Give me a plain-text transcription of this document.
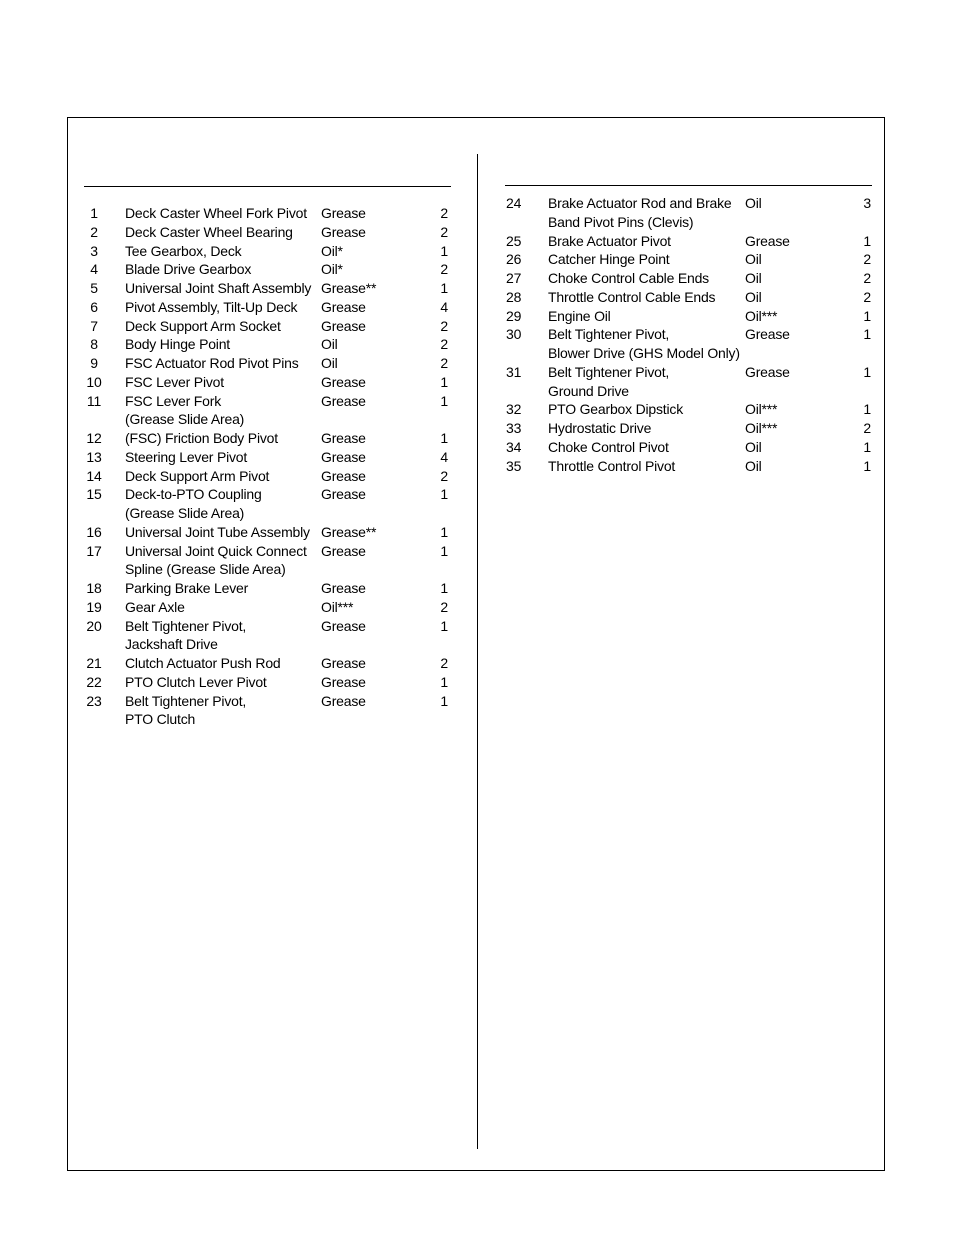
1	Deck Caster Wheel Fork Pivot	Grease	2
2	Deck Caster Wheel Bearing	Grease	2
3	Tee Gearbox, Deck	Oil*	1
4	Blade Drive Gearbox	Oil*	2
5	Universal Joint Shaft Assembly Grease**	1
6	Pivot Assembly, Tilt-Up Deck	Grease	4
7	Deck Support Arm Socket	Grease	2
8	Body Hinge Point	Oil	2
9	FSC Actuator Rod Pivot Pins	Oil	2
10 FSC Lever Pivot	Grease	1
11 FSC Lever Fork
(Grease Slide Area)
Grease	1
12 (FSC) Friction Body Pivot	Grease	1
13 Steering Lever Pivot	Grease	4
14 Deck Support Arm Pivot	Grease	2
15 Deck-to-PTO Coupling
(Grease Slide Area)
Grease	1
16 Universal Joint Tube Assembly Grease**	1
17 Universal Joint Quick Connect
Spline (Grease Slide Area)
Grease	1
18 Parking Brake Lever	Grease	1
19 Gear Axle	Oil***	2
20 Belt Tightener Pivot,
Jackshaft Drive
Grease	1
21 Clutch Actuator Push Rod	Grease	2
22 PTO Clutch Lever Pivot	Grease	1
23 Belt Tightener Pivot,
PTO Clutch
Grease	1
24	Brake Actuator Rod and Brake
Band Pivot Pins (Clevis)
Oil	3
25	Brake Actuator Pivot	Grease	1
26	Catcher Hinge Point	Oil	2
27	Choke Control Cable Ends	Oil	2
28	Throttle Control Cable Ends	Oil	2
29	Engine Oil	Oil***	1
30	Belt Tightener Pivot,
Blower Drive (GHS Model Only)
Grease	1
31	Belt Tightener Pivot,
Ground Drive
Grease	1
32	PTO Gearbox Dipstick	Oil***	1
33	Hydrostatic Drive	Oil***	2
34	Choke Control Pivot	Oil	1
35	Throttle Control Pivot	Oil	1
